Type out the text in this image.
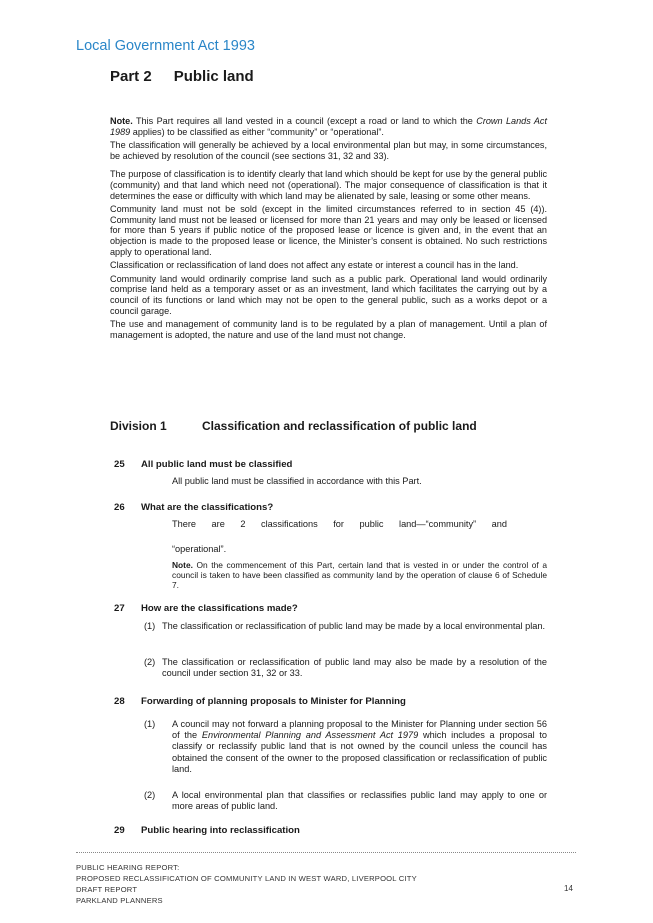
Local Government Act 1993
Part 2 Public land

Note. This Part requires all land vested in a council (except a road or land to which the Crown Lands Act 1989 applies) to be classified as either “community” or “operational”.

The classification will generally be achieved by a local environmental plan but may, in some circumstances, be achieved by resolution of the council (see sections 31, 32 and 33).

The purpose of classification is to identify clearly that land which should be kept for use by the general public (community) and that land which need not (operational). The major consequence of classification is that it determines the ease or difficulty with which land may be alienated by sale, leasing or some other means.

Community land must not be sold (except in the limited circumstances referred to in section 45 (4)). Community land must not be leased or licensed for more than 21 years and may only be leased or licensed for more than 5 years if public notice of the proposed lease or licence is given and, in the event that an objection is made to the proposed lease or licence, the Minister’s consent is obtained. No such restrictions apply to operational land.

Classification or reclassification of land does not affect any estate or interest a council has in the land.

Community land would ordinarily comprise land such as a public park. Operational land would ordinarily comprise land held as a temporary asset or as an investment, land which facilitates the carrying out by a council of its functions or land which may not be open to the general public, such as a works depot or a council garage.

The use and management of community land is to be regulated by a plan of management. Until a plan of management is adopted, the nature and use of the land must not change.

Division 1	Classification and reclassification of public land
25 All public land must be classified
All public land must be classified in accordance with this Part.
26 What are the classifications?
There are 2 classifications for public land—“community” and
“operational”.
Note. On the commencement of this Part, certain land that is vested in or under the control of a council is taken to have been classified as community land by the operation of clause 6 of Schedule 7.
27 How are the classifications made?
(1) The classification or reclassification of public land may be made by a local environmental plan.
(2) The classification or reclassification of public land may also be made by a resolution of the council under section 31, 32 or 33.
28 Forwarding of planning proposals to Minister for Planning
(1) A council may not forward a planning proposal to the Minister for Planning under section 56 of the Environmental Planning and Assessment Act 1979 which includes a proposal to classify or reclassify public land that is not owned by the council unless the council has obtained the consent of the owner to the proposed classification or reclassification of public land.
(2) A local environmental plan that classifies or reclassifies public land may apply to one or more areas of public land.
29 Public hearing into reclassification
PUBLIC HEARING REPORT:
PROPOSED RECLASSIFICATION OF COMMUNITY LAND IN WEST WARD, LIVERPOOL CITY
DRAFT REPORT
PARKLAND PLANNERS
14
